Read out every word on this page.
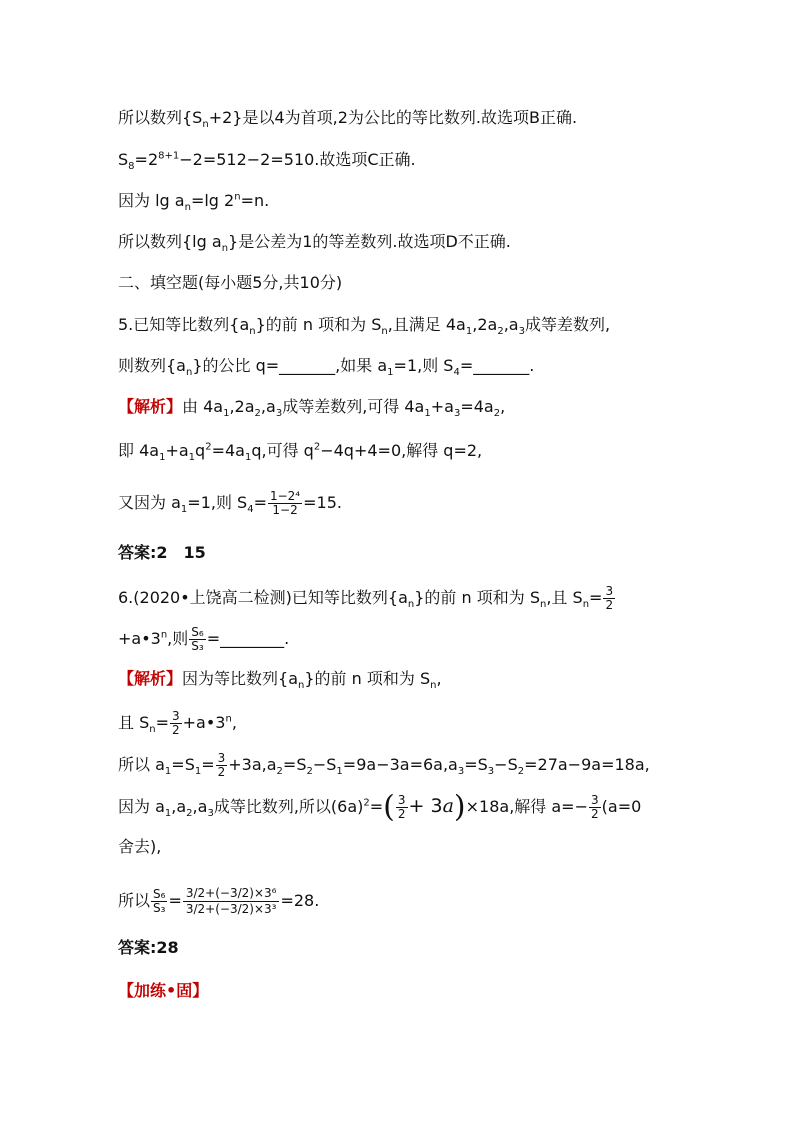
所以数列$\{S_n+2\}$是以4为首项,2为公比的等比数列.故选项B正确.
$S_8=2^{8+1}-2=512-2=510$.故选项C正确.
因为 $\lg a_n=\lg$ $2^n=n$.
所以数列{lg $a_n$}是公差为1的等差数列.故选项D不正确.
二、填空题(每小题5分,共10分)
5.已知等比数列$\{a_n\}$的前 n 项和为 $S_n$,且满足 $4a_1,2a_2,a_3$成等差数列,
则数列$\{a_n\}$的公比 q=_______,如果 $a_1=1$,则 $S_4=\_\_\_\_\_\_\_$.
【解析】由 $4a_1,2a_2,a_3$成等差数列,可得 $4a_1+a_3=4a_2$,
即 $4a_1+a_1q^2=4a_1q$,可得 $q^2-4q+4=0$,解得 q=2,
又因为 $a_1=1$,则 $S_4= \frac{\text{1−2⁴}}{1-2} =15$.
答案:2　15
6.(2020•上饶高二检测)已知等比数列$\{a_n\}$的前 n 项和为 $S_n$,且 $S_n= \frac{3}{2}$
$+a•3^n$,则 $\frac{\text{S₆}}{\text{S₃}}$ =________.
【解析】因为等比数列$\{a_n\}$的前 n 项和为 $S_n$,
且 $S_n= \frac{3}{2}$ $+a•3^n$,
所以 $a_1=S_1= \frac{3}{2} +3a,a_2=S_2-S_1=9a-3a=6a,a_3=S_3-S_2=27a-9a=18a$,
因为 $a_1,a_2,a_3$成等比数列,所以$(6a)^2=( \frac{3}{2} + 3a)\times 18a$,解得 $a=- \frac{3}{2} (a=0$
舍去),
所以 $\frac{\text{S₆}}{\text{S₃}} = \frac{\text{3/2+(−3/2)×3⁶}}{\text{3/2+(−3/2)×3³}} =28$.
答案:28
【加练•固】
